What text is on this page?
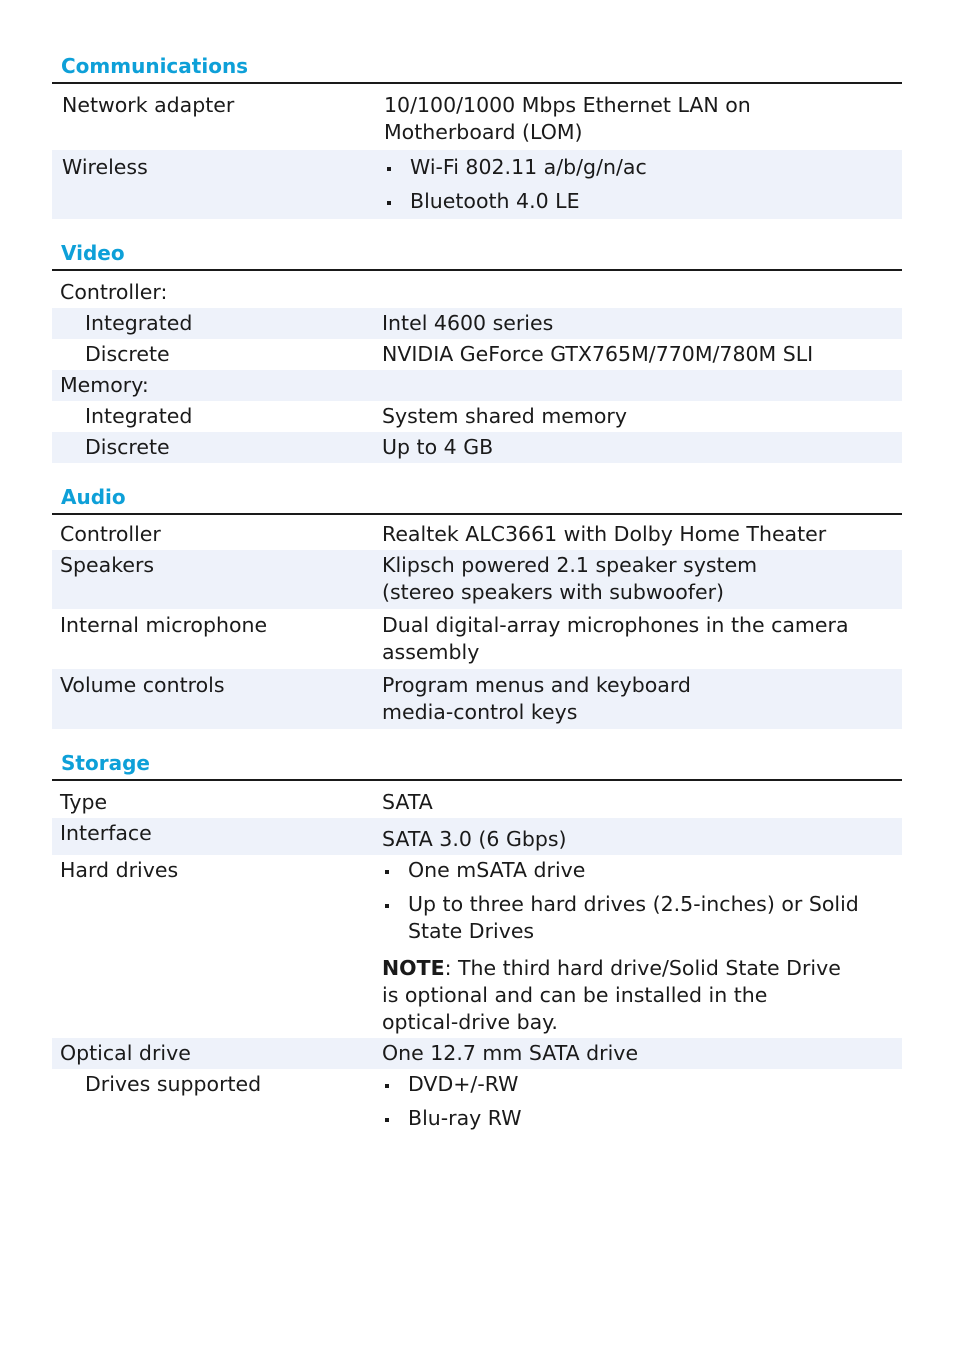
Communications
Network adapter	10/100/1000 Mbps Ethernet LAN on Motherboard (LOM)
Wireless	Wi-Fi 802.11 a/b/g/n/ac
Bluetooth 4.0 LE
Video
Controller:
Integrated	Intel 4600 series
Discrete	NVIDIA GeForce GTX765M/770M/780M SLI
Memory:
Integrated	System shared memory
Discrete	Up to 4 GB
Audio
Controller	Realtek ALC3661 with Dolby Home Theater
Speakers	Klipsch powered 2.1 speaker system
(stereo speakers with subwoofer)
Internal microphone	Dual digital-array microphones in the camera assembly
Volume controls	Program menus and keyboard
media-control keys
Storage
Type	SATA
Interface	SATA 3.0 (6 Gbps)
Hard drives	One mSATA drive
Up to three hard drives (2.5-inches) or Solid State Drives
NOTE: The third hard drive/Solid State Drive is optional and can be installed in the optical-drive bay.
Optical drive	One 12.7 mm SATA drive
Drives supported	DVD+/-RW
Blu-ray RW
